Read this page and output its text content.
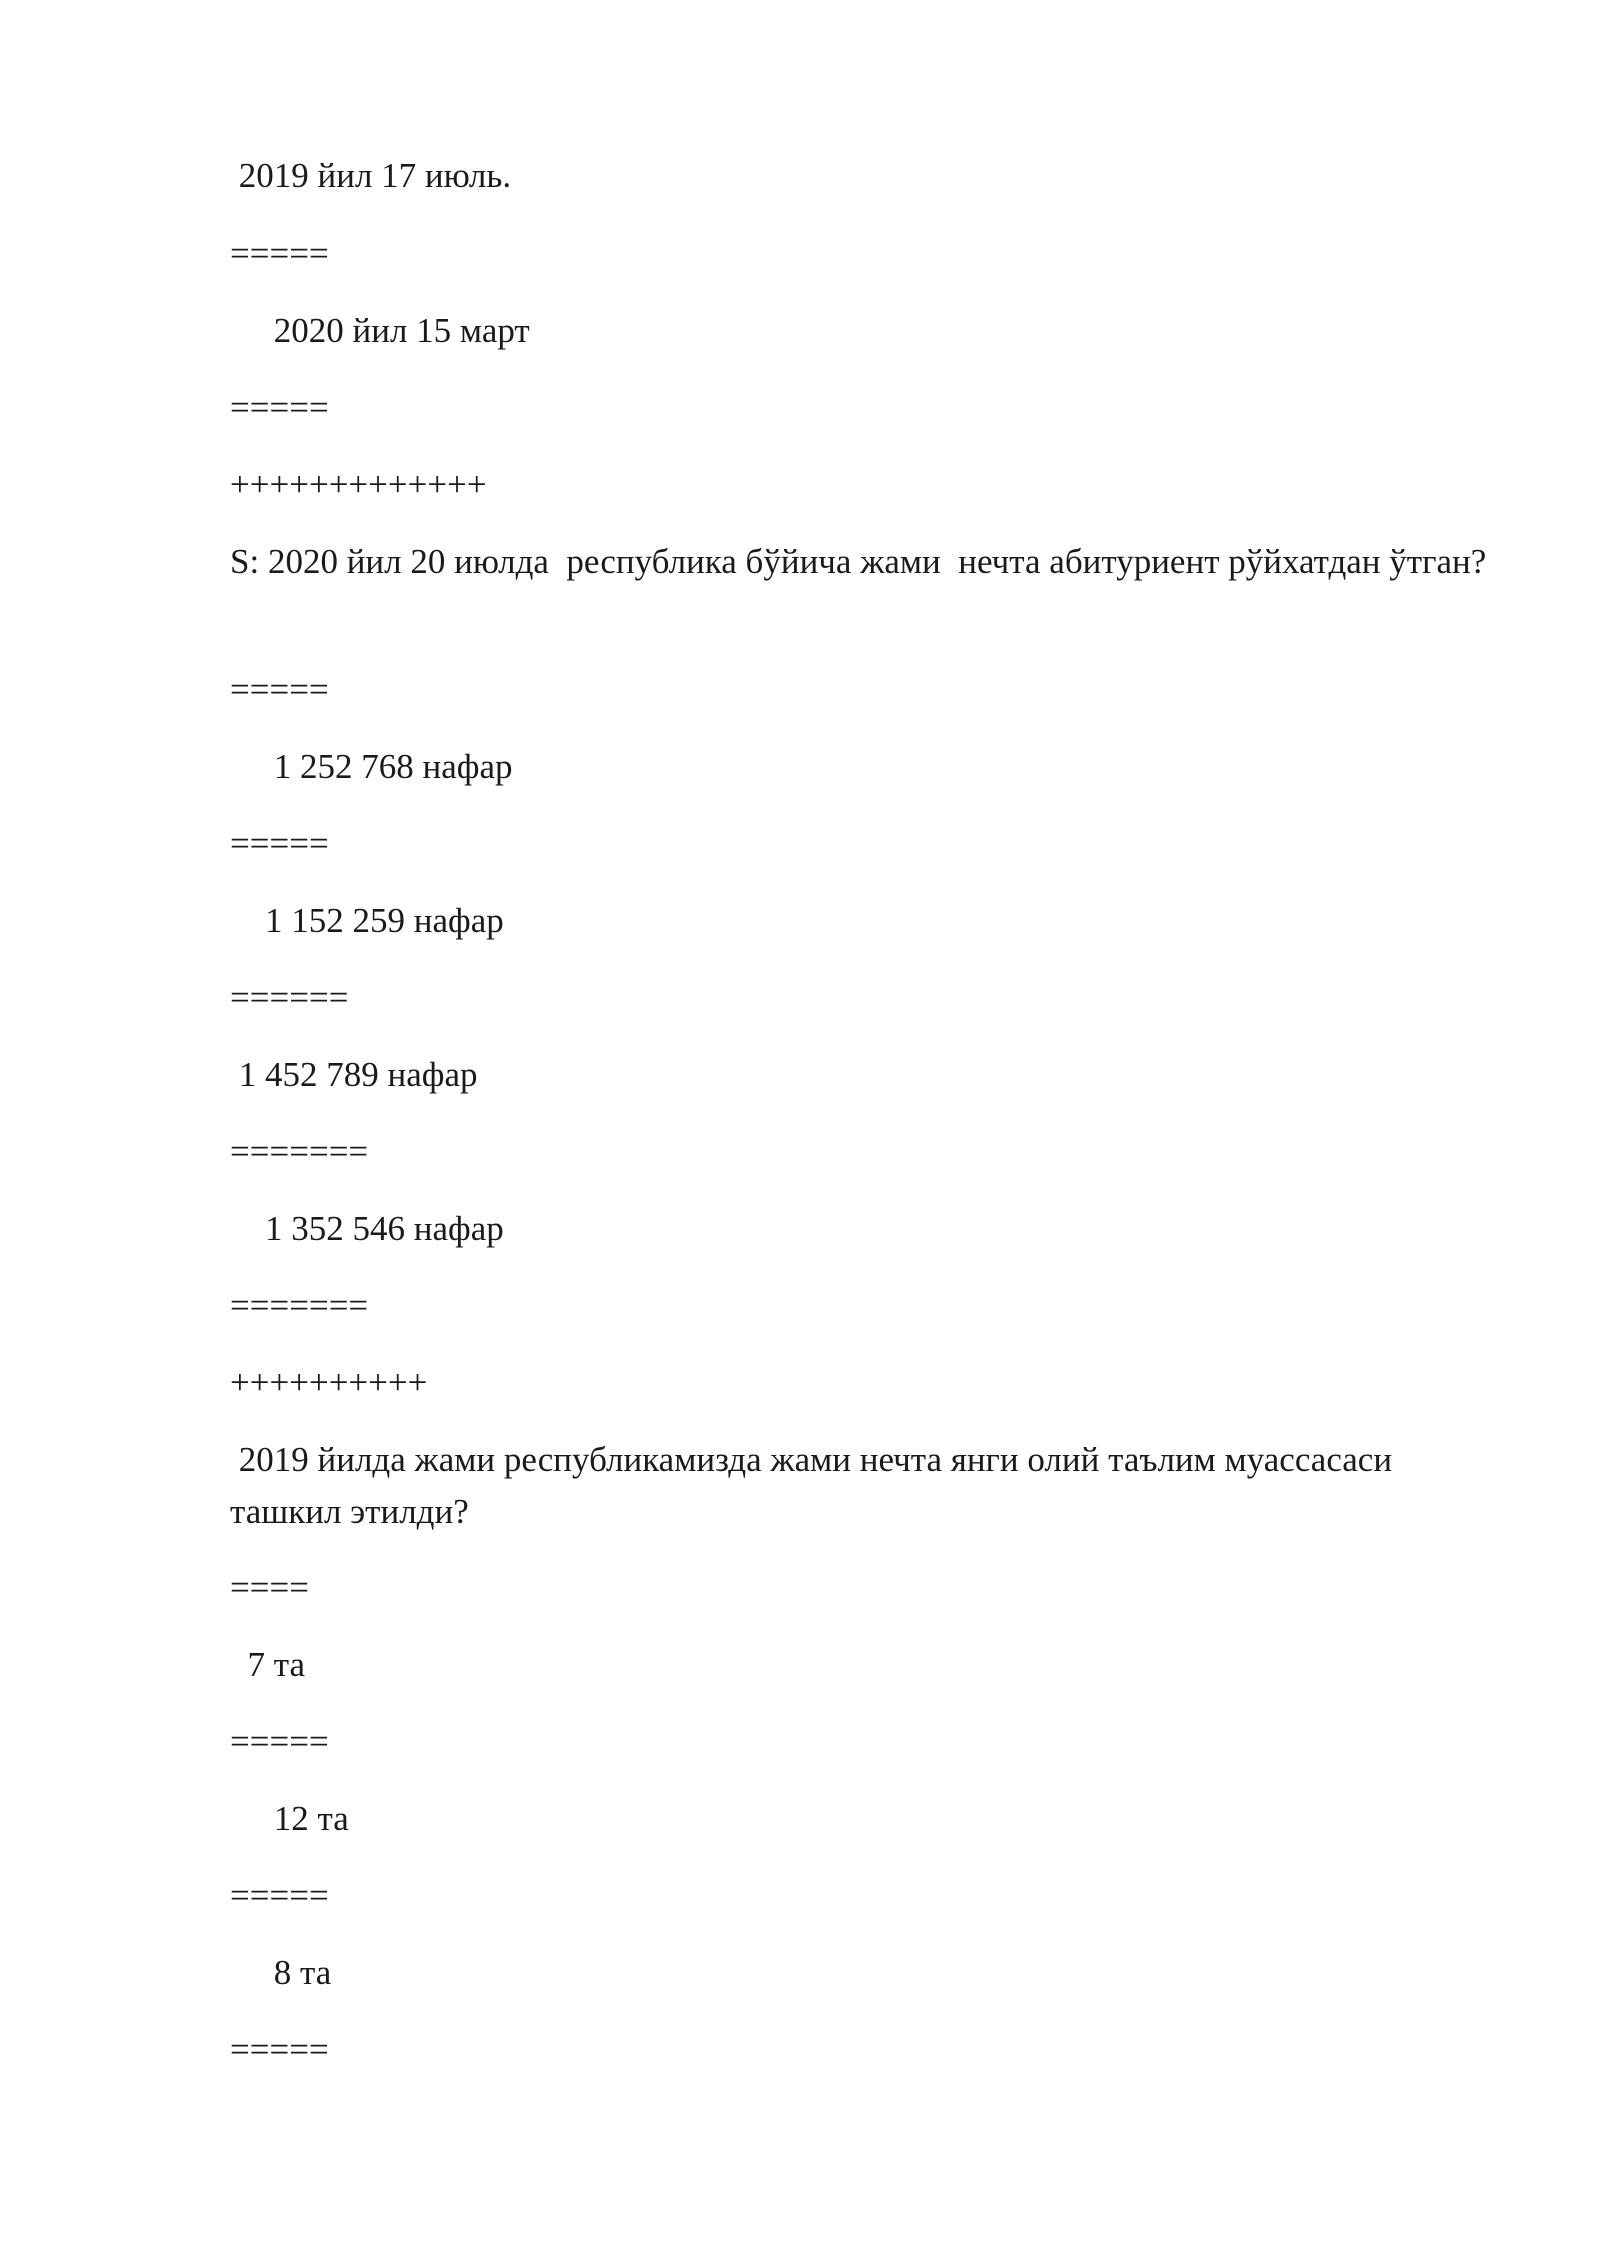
2019 йил 17 июль.

=====

2020 йил 15 март

=====

+++++++++++++

S: 2020 йил 20 июлда  республика бўйича жами  нечта абитуриент рўйхатдан ўтган?

=====

1 252 768 нафар

=====

1 152 259 нафар

======

1 452 789 нафар

=======

1 352 546 нафар

=======

++++++++++

2019 йилда жами республикамизда жами нечта янги олий таълим муассасаси ташкил этилди?

====

7 та

=====

12 та

=====

8 та

=====
